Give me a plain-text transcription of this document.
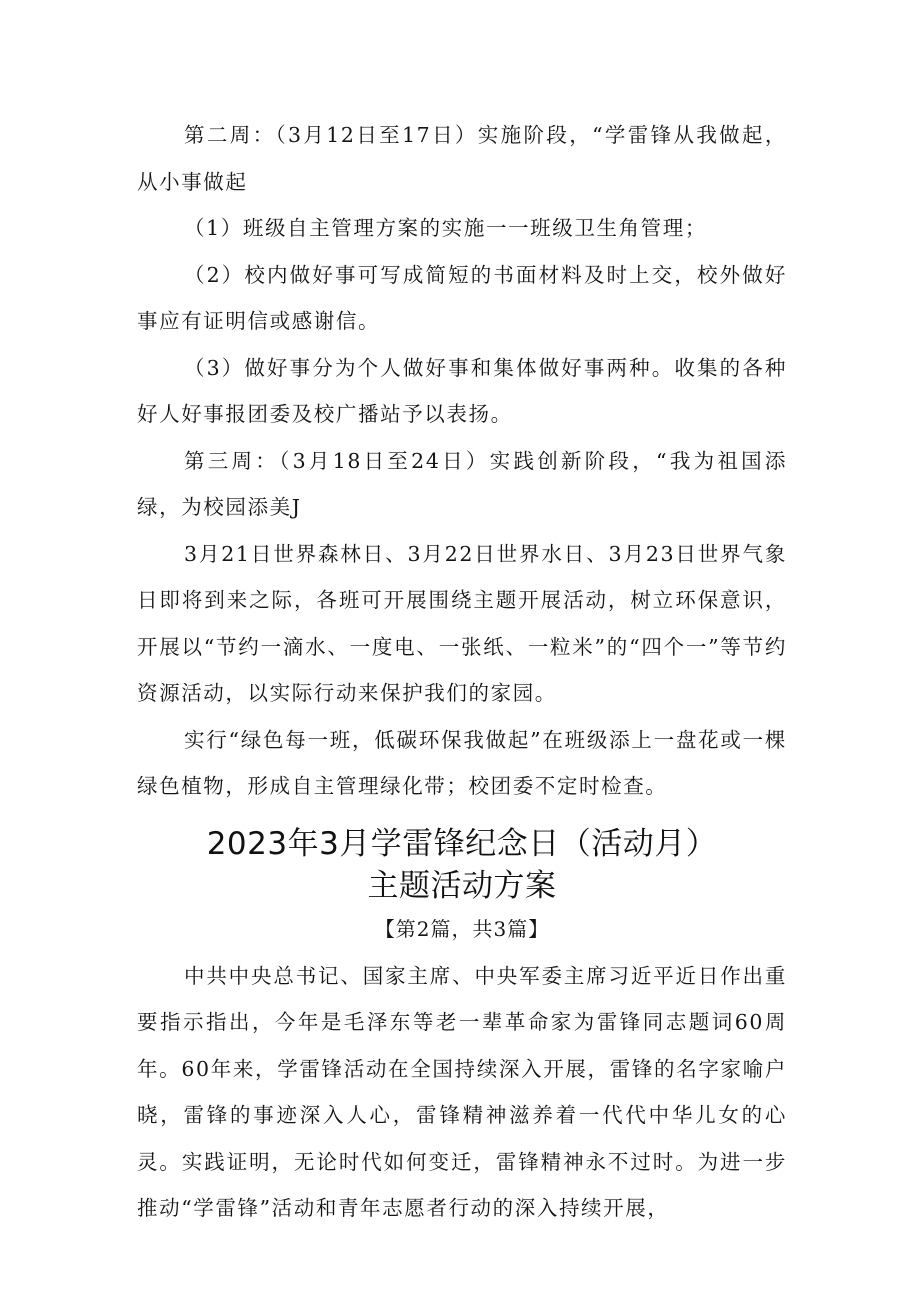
第二周：（3月12日至17日）实施阶段，“学雷锋从我做起，从小事做起

（1）班级自主管理方案的实施一一班级卫生角管理；

（2）校内做好事可写成简短的书面材料及时上交，校外做好事应有证明信或感谢信。

（3）做好事分为个人做好事和集体做好事两种。收集的各种好人好事报团委及校广播站予以表扬。

第三周：（3月18日至24日）实践创新阶段，“我为祖国添绿，为校园添美J

3月21日世界森林日、3月22日世界水日、3月23日世界气象日即将到来之际，各班可开展围绕主题开展活动，树立环保意识，开展以“节约一滴水、一度电、一张纸、一粒米”的“四个一”等节约资源活动，以实际行动来保护我们的家园。

实行“绿色每一班，低碳环保我做起”在班级添上一盘花或一棵绿色植物，形成自主管理绿化带；校团委不定时检查。

2023年3月学雷锋纪念日（活动月）
主题活动方案

【第2篇，共3篇】

中共中央总书记、国家主席、中央军委主席习近平近日作出重要指示指出，今年是毛泽东等老一辈革命家为雷锋同志题词60周年。60年来，学雷锋活动在全国持续深入开展，雷锋的名字家喻户晓，雷锋的事迹深入人心，雷锋精神滋养着一代代中华儿女的心灵。实践证明，无论时代如何变迁，雷锋精神永不过时。为进一步推动“学雷锋”活动和青年志愿者行动的深入持续开展，
